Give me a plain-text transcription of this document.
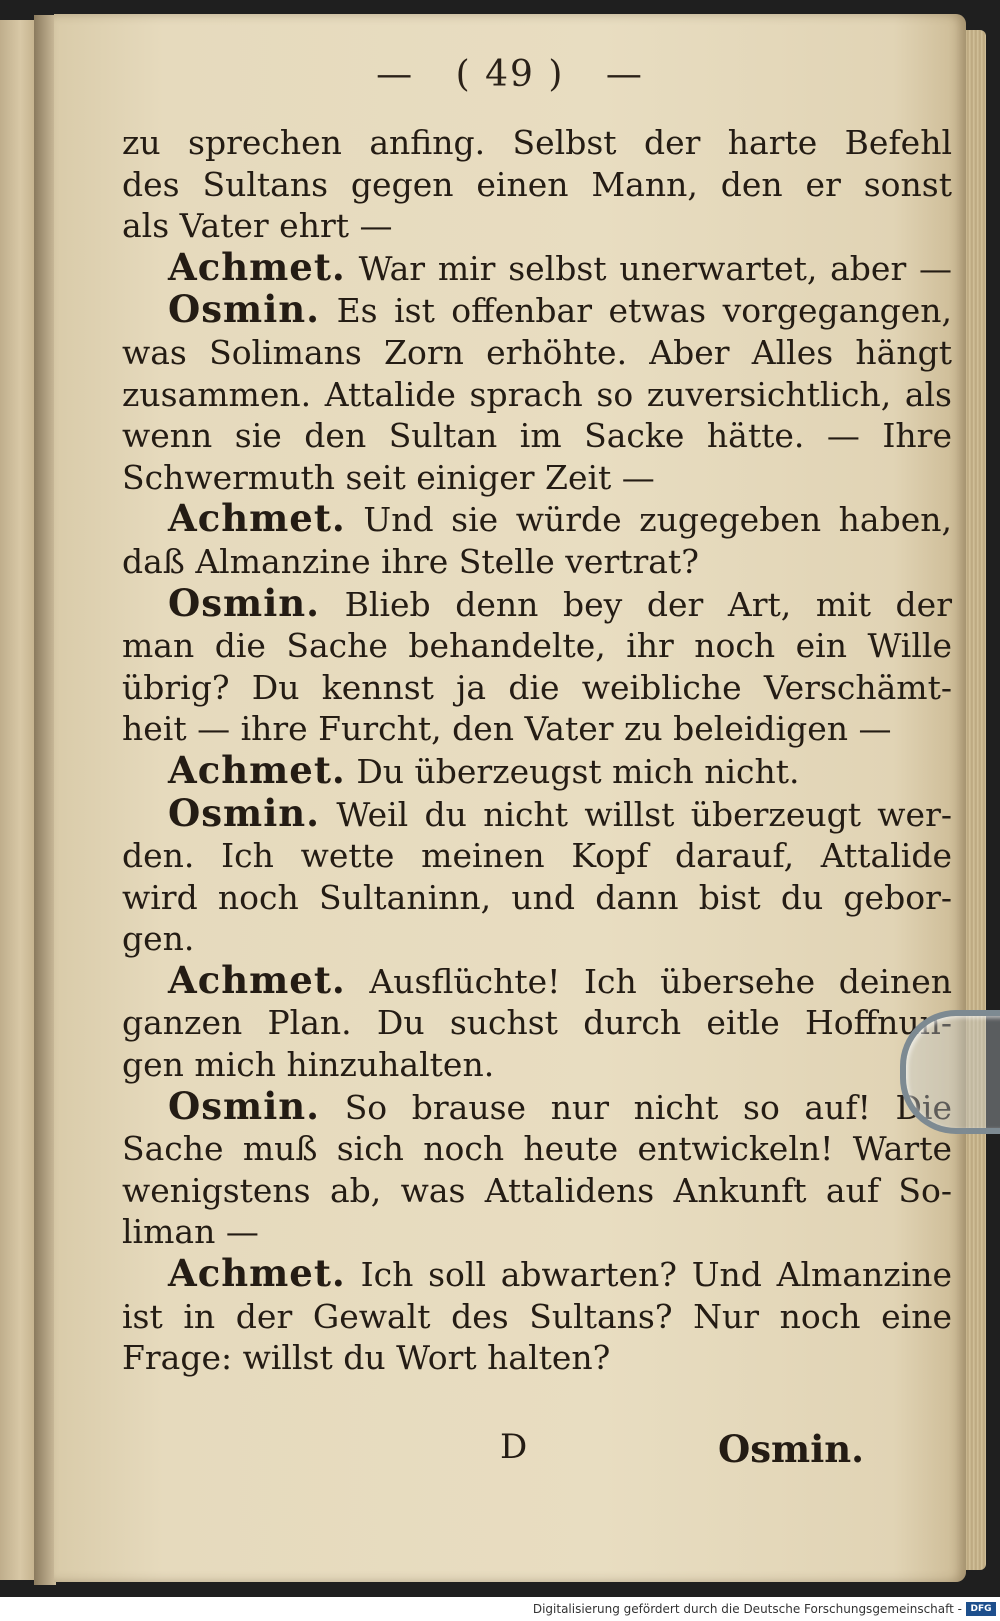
— ( 49 ) —
zu sprechen anfing. Selbst der harte Befehl
des Sultans gegen einen Mann, den er sonst
als Vater ehrt —
Achmet. War mir selbst unerwartet, aber —
Osmin. Es ist offenbar etwas vorgegangen,
was Solimans Zorn erhöhte. Aber Alles hängt
zusammen. Attalide sprach so zuversichtlich, als
wenn sie den Sultan im Sacke hätte. — Ihre
Schwermuth seit einiger Zeit —
Achmet. Und sie würde zugegeben haben,
daß Almanzine ihre Stelle vertrat?
Osmin. Blieb denn bey der Art, mit der
man die Sache behandelte, ihr noch ein Wille
übrig? Du kennst ja die weibliche Verschämt-
heit — ihre Furcht, den Vater zu beleidigen —
Achmet. Du überzeugst mich nicht.
Osmin. Weil du nicht willst überzeugt wer-
den. Ich wette meinen Kopf darauf, Attalide
wird noch Sultaninn, und dann bist du gebor-
gen.
Achmet. Ausflüchte! Ich übersehe deinen
ganzen Plan. Du suchst durch eitle Hoffnun-
gen mich hinzuhalten.
Osmin. So brause nur nicht so auf! Die
Sache muß sich noch heute entwickeln! Warte
wenigstens ab, was Attalidens Ankunft auf So-
liman —
Achmet. Ich soll abwarten? Und Almanzine
ist in der Gewalt des Sultans? Nur noch eine
Frage: willst du Wort halten?
D	Osmin.
Digitalisierung gefördert durch die Deutsche Forschungsgemeinschaft - DFG
